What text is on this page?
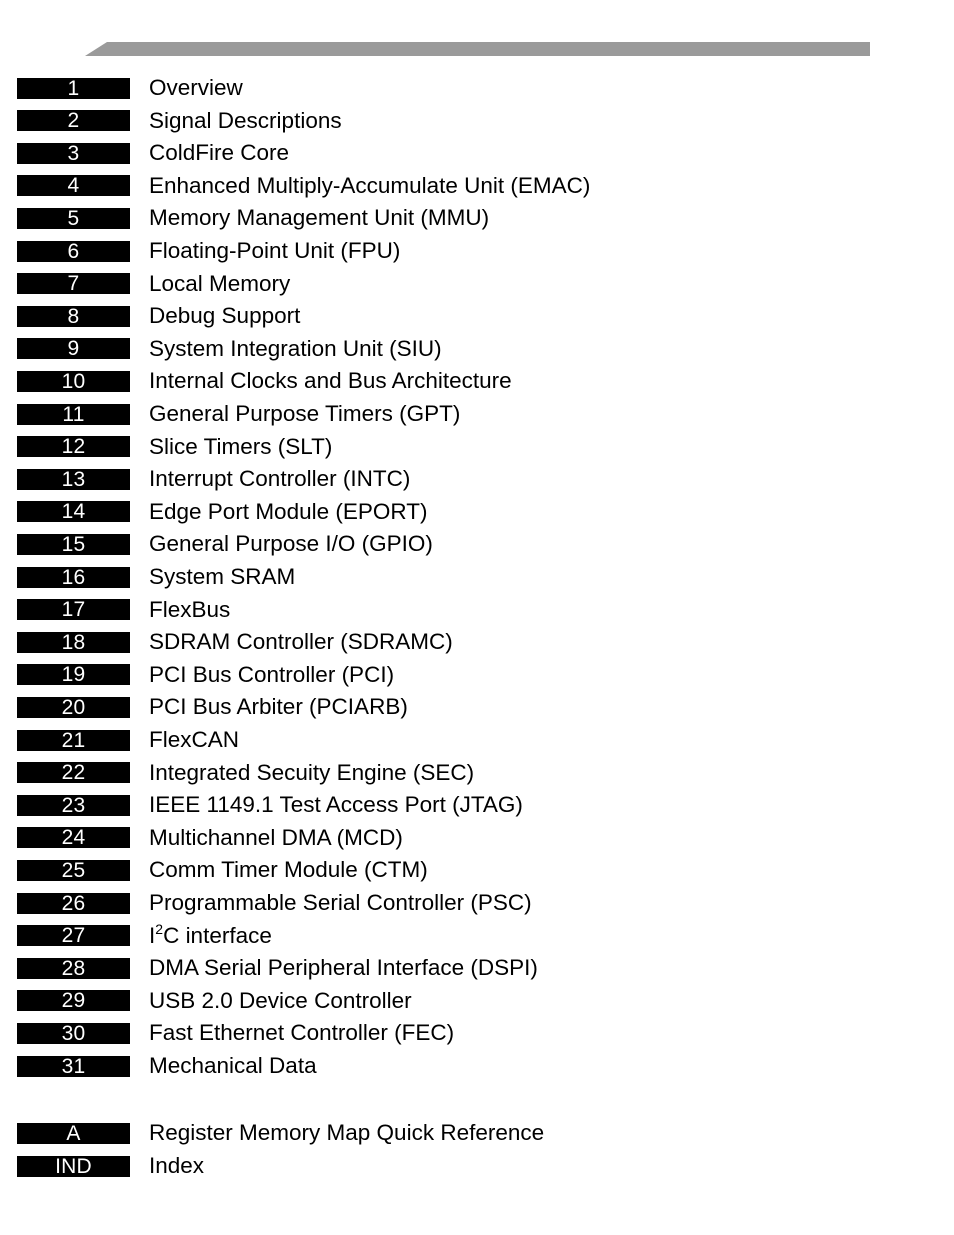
1	Overview
2	Signal Descriptions
3	ColdFire Core
4	Enhanced Multiply-Accumulate Unit (EMAC)
5	Memory Management Unit (MMU)
6	Floating-Point Unit (FPU)
7	Local Memory
8	Debug Support
9	System Integration Unit (SIU)
10	Internal Clocks and Bus Architecture
11	General Purpose Timers (GPT)
12	Slice Timers (SLT)
13	Interrupt Controller (INTC)
14	Edge Port Module (EPORT)
15	General Purpose I/O (GPIO)
16	System SRAM
17	FlexBus
18	SDRAM Controller (SDRAMC)
19	PCI Bus Controller (PCI)
20	PCI Bus Arbiter (PCIARB)
21	FlexCAN
22	Integrated Secuity Engine (SEC)
23	IEEE 1149.1 Test Access Port (JTAG)
24	Multichannel DMA (MCD)
25	Comm Timer Module (CTM)
26	Programmable Serial Controller (PSC)
27	$I^2C$ interface
28	DMA Serial Peripheral Interface (DSPI)
29	USB 2.0 Device Controller
30	Fast Ethernet Controller (FEC)
31	Mechanical Data
A	Register Memory Map Quick Reference
IND	Index
